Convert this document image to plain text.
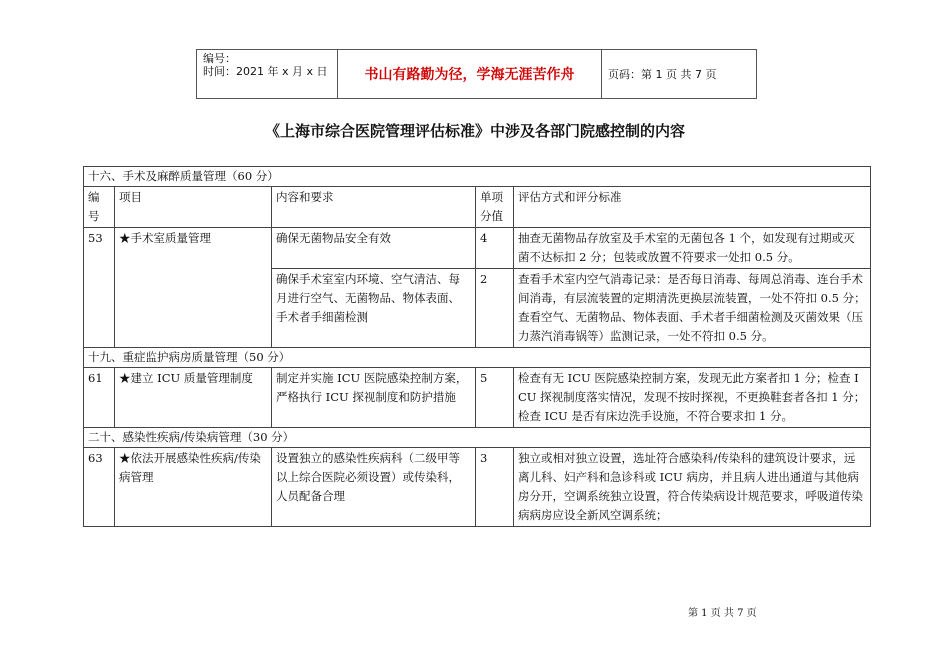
编号：
时间：2021 年 x 月 x 日	书山有路勤为径，学海无涯苦作舟	页码：第 1 页 共 7 页
《上海市综合医院管理评估标准》中涉及各部门院感控制的内容
十六、手术及麻醉质量管理（60 分）				
编号	项目	内容和要求	单项分值	评估方式和评分标准
53	★手术室质量管理	确保无菌物品安全有效	4	抽查无菌物品存放室及手术室的无菌包各 1 个，如发现有过期或灭菌不达标扣 2 分；包装或放置不符要求一处扣 0.5 分。
		确保手术室室内环境、空气清洁、每月进行空气、无菌物品、物体表面、手术者手细菌检测	2	查看手术室内空气消毒记录：是否每日消毒、每周总消毒、连台手术间消毒，有层流装置的定期清洗更换层流装置，一处不符扣 0.5 分；查看空气、无菌物品、物体表面、手术者手细菌检测及灭菌效果（压力蒸汽消毒锅等）监测记录，一处不符扣 0.5 分。
十九、重症监护病房质量管理（50 分）				
61	★建立 ICU 质量管理制度	制定并实施 ICU 医院感染控制方案，严格执行 ICU 探视制度和防护措施	5	检查有无 ICU 医院感染控制方案，发现无此方案者扣 1 分；检查 ICU 探视制度落实情况，发现不按时探视，不更换鞋套者各扣 1 分；检查 ICU 是否有床边洗手设施，不符合要求扣 1 分。
二十、感染性疾病/传染病管理（30 分）				
63	★依法开展感染性疾病/传染病管理	设置独立的感染性疾病科（二级甲等以上综合医院必须设置）或传染科，人员配备合理	3	独立或相对独立设置，选址符合感染科/传染科的建筑设计要求，远离儿科、妇产科和急诊科或 ICU 病房，并且病人进出通道与其他病房分开，空调系统独立设置，符合传染病设计规范要求，呼吸道传染病病房应设全新风空调系统；
第 1 页 共 7 页
